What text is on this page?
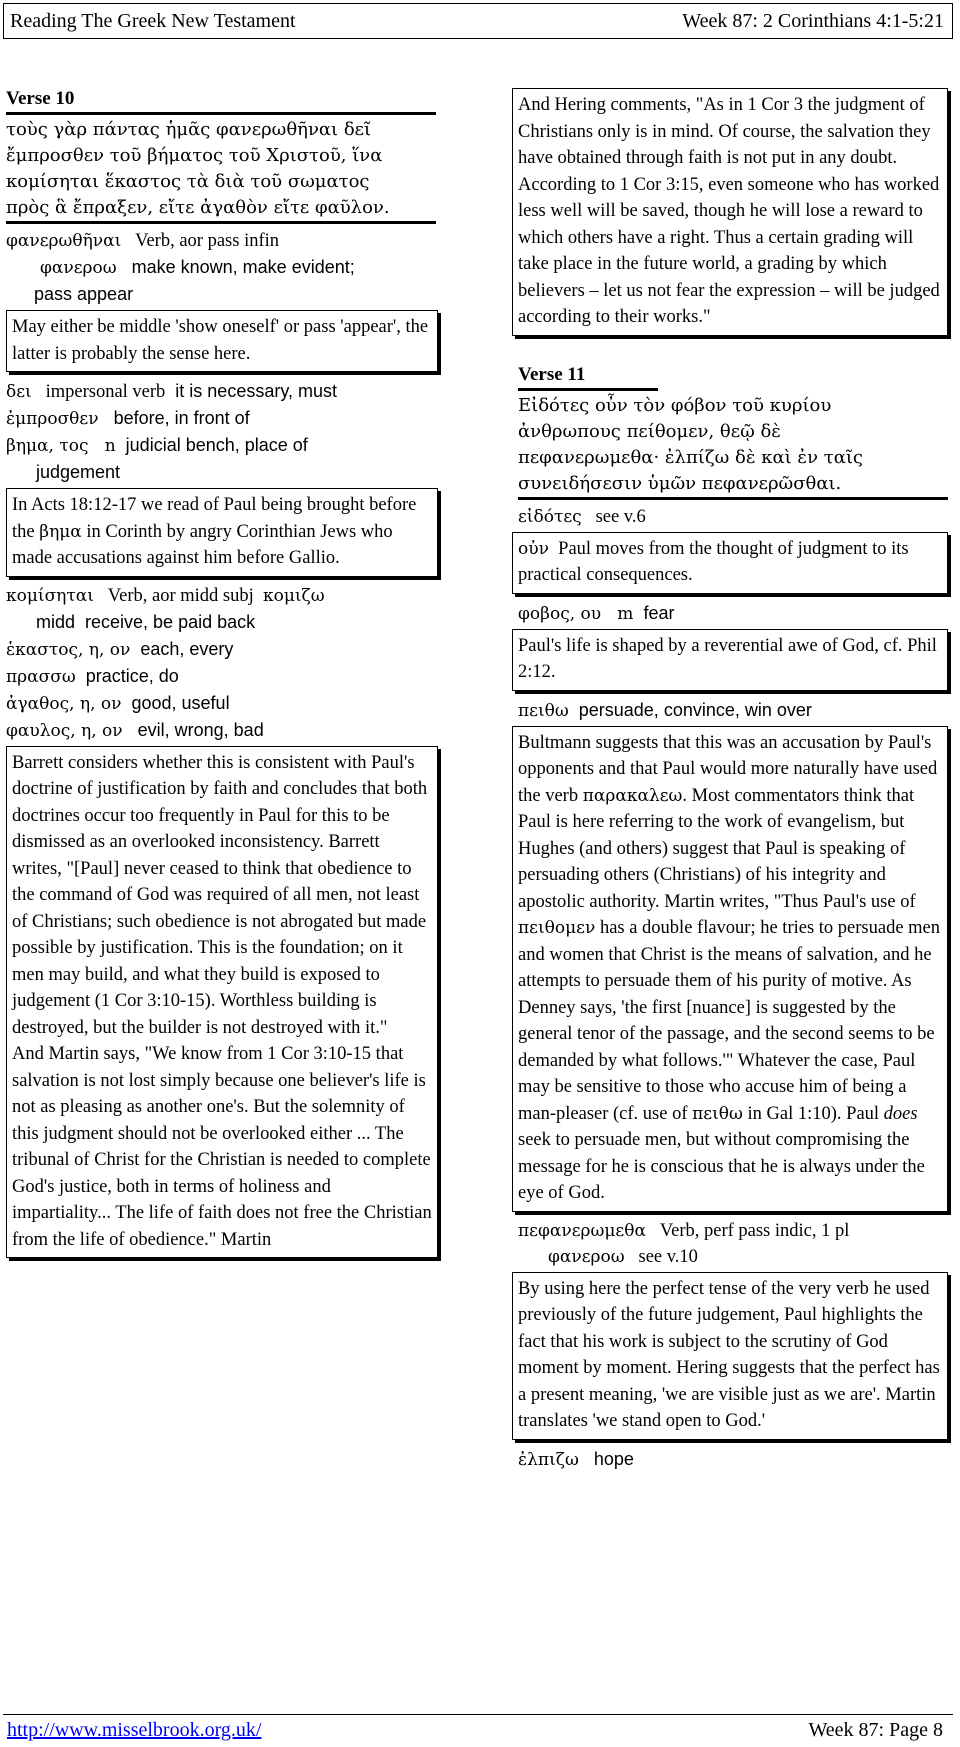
Reading The Greek New Testament	Week 87: 2 Corinthians 4:1-5:21
Verse 10
τοὺς γὰρ πάντας ἡμᾶς φανερωθῆναι δεῖ
ἔμπροσθεν τοῦ βήματος τοῦ Χριστοῦ, ἵνα
κομίσηται ἕκαστος τὰ διὰ τοῦ σωματος
πρὸς ἃ ἔπραξεν, εἴτε ἀγαθὸν εἴτε φαῦλον.
φανερωθῆναι   Verb, aor pass infin
φανερoω   make known, make evident;
pass appear
May either be middle 'show oneself' or pass 'appear', the latter is probably the sense here.
δει   impersonal verb  it is necessary, must
ἐμπροσθεν   before, in front of
βημα, τος   n  judicial bench, place of
judgement
In Acts 18:12-17 we read of Paul being brought before the βημα in Corinth by angry Corinthian Jews who made accusations against him before Gallio.
κομίσηται   Verb, aor midd subj  κομιζω
midd  receive, be paid back
ἑκαστος, η, ον  each, every
πρασσω  practice, do
ἀγαθος, η, ον  good, useful
φαυλος, η, ον   evil, wrong, bad
Barrett considers whether this is consistent with Paul's doctrine of justification by faith and concludes that both doctrines occur too frequently in Paul for this to be dismissed as an overlooked inconsistency. Barrett writes, "[Paul] never ceased to think that obedience to the command of God was required of all men, not least of Christians; such obedience is not abrogated but made possible by justification. This is the foundation; on it men may build, and what they build is exposed to judgement (1 Cor 3:10-15). Worthless building is destroyed, but the builder is not destroyed with it."
And Martin says, "We know from 1 Cor 3:10-15 that salvation is not lost simply because one believer's life is not as pleasing as another one's. But the solemnity of this judgment should not be overlooked either ... The tribunal of Christ for the Christian is needed to complete God's justice, both in terms of holiness and impartiality... The life of faith does not free the Christian from the life of obedience." Martin
And Hering comments, "As in 1 Cor 3 the judgment of Christians only is in mind. Of course, the salvation they have obtained through faith is not put in any doubt. According to 1 Cor 3:15, even someone who has worked less well will be saved, though he will lose a reward to which others have a right. Thus a certain grading will take place in the future world, a grading by which believers – let us not fear the expression – will be judged according to their works."
Verse 11
Εἰδότες οὖν τὸν φόβον τοῦ κυρίου
ἀνθρωπους πείθομεν, θεῷ δὲ
πεφανερωμεθα· ἐλπίζω δὲ καὶ ἐν ταῖς
συνειδήσεσιν ὑμῶν πεφανερῶσθαι.
εἰδότες   see v.6
οὐν  Paul moves from the thought of judgment to its practical consequences.
φοβος, ου   m  fear
Paul's life is shaped by a reverential awe of God, cf. Phil 2:12.
πειθω  persuade, convince, win over
Bultmann suggests that this was an accusation by Paul's opponents and that Paul would more naturally have used the verb παρακαλεω. Most commentators think that Paul is here referring to the work of evangelism, but Hughes (and others) suggest that Paul is speaking of persuading others (Christians) of his integrity and apostolic authority. Martin writes, "Thus Paul's use of πειθομεν has a double flavour; he tries to persuade men and women that Christ is the means of salvation, and he attempts to persuade them of his purity of motive. As Denney says, 'the first [nuance] is suggested by the general tenor of the passage, and the second seems to be demanded by what follows.'" Whatever the case, Paul may be sensitive to those who accuse him of being a man-pleaser (cf. use of πειθω in Gal 1:10). Paul does seek to persuade men, but without compromising the message for he is conscious that he is always under the eye of God.
πεφανερωμεθα   Verb, perf pass indic, 1 pl
φανεροω   see v.10
By using here the perfect tense of the very verb he used previously of the future judgement, Paul highlights the fact that his work is subject to the scrutiny of God moment by moment. Hering suggests that the perfect has a present meaning, 'we are visible just as we are'. Martin translates 'we stand open to God.'
ἐλπιζω   hope
http://www.misselbrook.org.uk/	Week 87: Page 8
